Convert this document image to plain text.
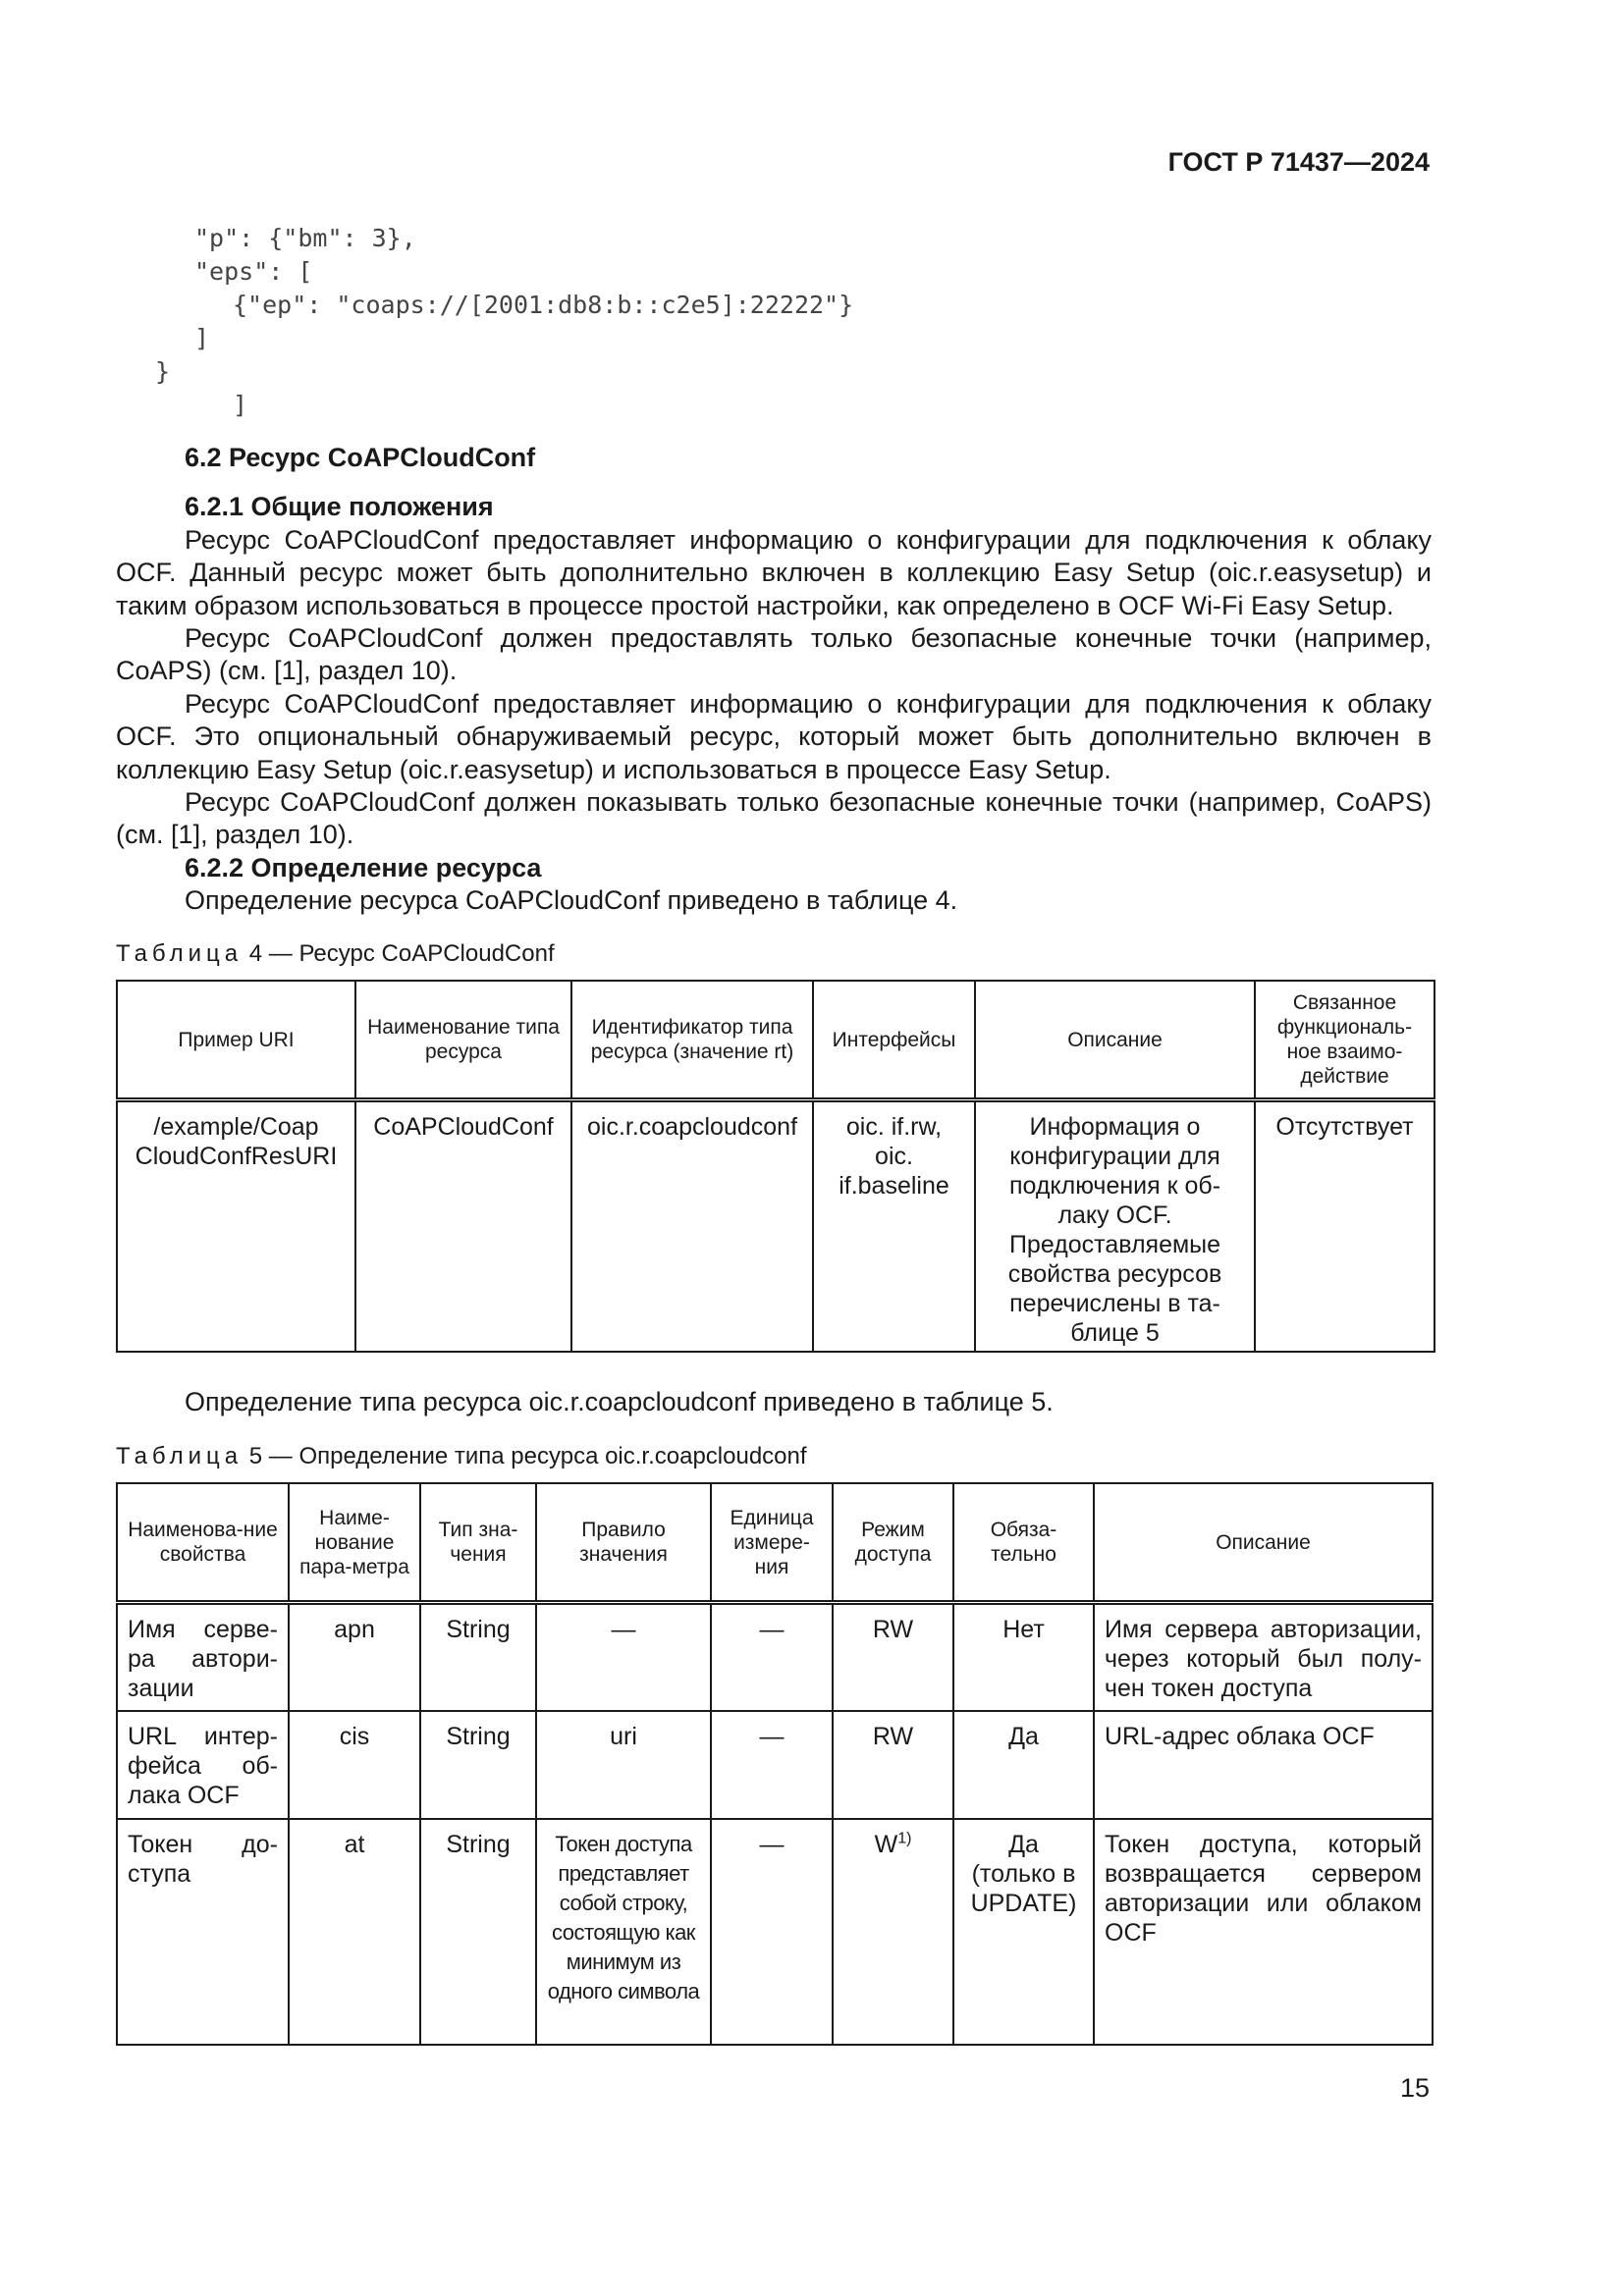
ГОСТ Р 71437—2024
"p": {"bm": 3},
"eps": [
{"ep": "coaps://[2001:db8:b::c2e5]:22222"}
]
}
]
6.2 Ресурс CoAPCloudConf
6.2.1 Общие положения

Ресурс CoAPCloudConf предоставляет информацию о конфигурации для подключения к облаку OCF. Данный ресурс может быть дополнительно включен в коллекцию Easy Setup (oic.r.easysetup) и таким образом использоваться в процессе простой настройки, как определено в OCF Wi-Fi Easy Setup.

Ресурс CoAPCloudConf должен предоставлять только безопасные конечные точки (например, CoAPS) (см. [1], раздел 10).

Ресурс CoAPCloudConf предоставляет информацию о конфигурации для подключения к облаку OCF. Это опциональный обнаруживаемый ресурс, который может быть дополнительно включен в коллекцию Easy Setup (oic.r.easysetup) и использоваться в процессе Easy Setup.

Ресурс CoAPCloudConf должен показывать только безопасные конечные точки (например, CoAPS) (см. [1], раздел 10).

6.2.2 Определение ресурса

Определение ресурса CoAPCloudConf приведено в таблице 4.

Таблица 4 — Ресурс CoAPCloudConf
Пример URI	Наименование типа ресурса	Идентификатор типа ресурса (значение rt)	Интерфейсы	Описание	Связанное функциональ-ное взаимо-действие
/example/Coap CloudConfResURI	CoAPCloudConf	oic.r.coapcloudconf	oic. if.rw, oic. if.baseline	Информация о конфигурации для подключения к об-лаку OCF. Предоставляемые свойства ресурсов перечислены в та-блице 5	Отсутствует

Определение типа ресурса oic.r.coapcloudconf приведено в таблице 5.

Таблица 5 — Определение типа ресурса oic.r.coapcloudconf
Наименова-ние свойства	Наиме-нование пара-метра	Тип зна-чения	Правило значения	Единица измере-ния	Режим доступа	Обяза-тельно	Описание
Имя серве-ра автори-зации	apn	String	—	—	RW	Нет	Имя сервера авторизации, через который был полу-чен токен доступа
URL интер-фейса об-лака OCF	cis	String	uri	—	RW	Да	URL-адрес облака OCF
Токен до-ступа	at	String	Токен доступа представляет собой строку, состоящую как минимум из одного символа	—	$W^{1)}$	Да (только в UPDATE)	Токен доступа, который возвращается сервером авторизации или облаком OCF
15
